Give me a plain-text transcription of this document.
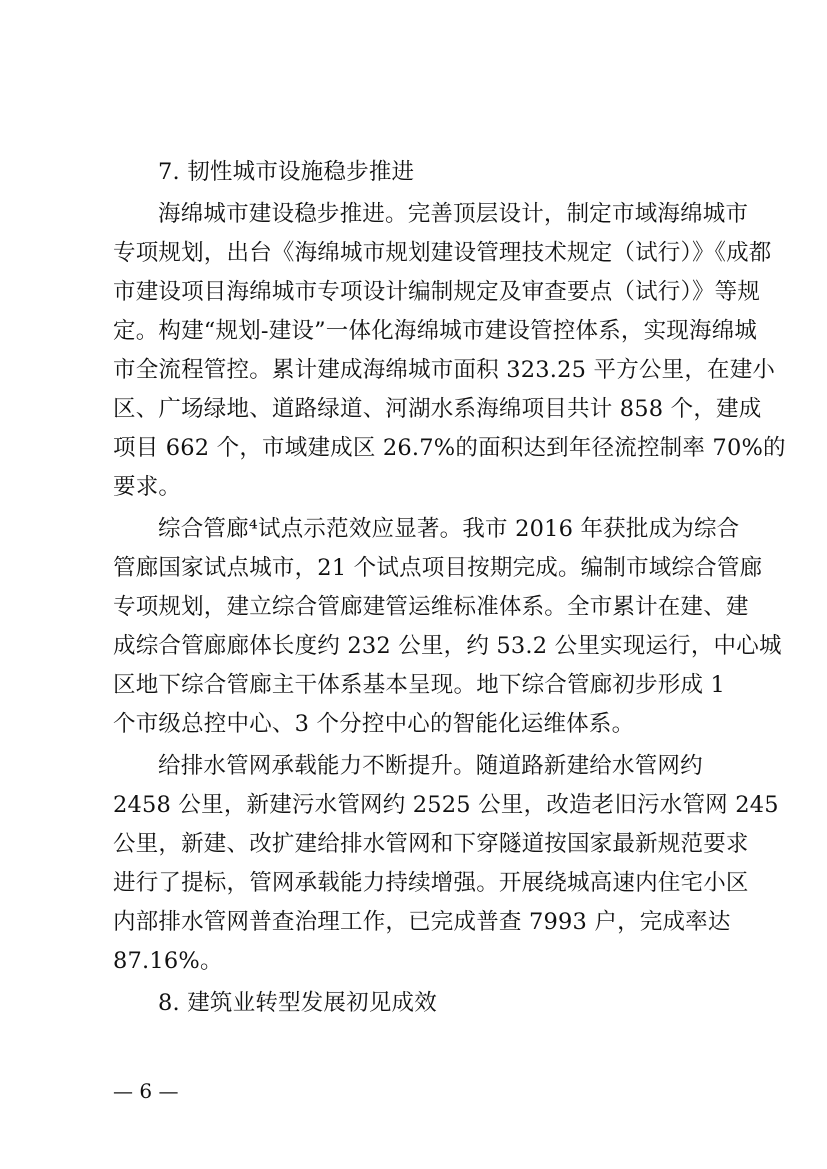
7. 韧性城市设施稳步推进
海绵城市建设稳步推进。完善顶层设计，制定市域海绵城市
专项规划，出台《海绵城市规划建设管理技术规定（试行）》《成都
市建设项目海绵城市专项设计编制规定及审查要点（试行）》等规
定。构建“规划-建设”一体化海绵城市建设管控体系，实现海绵城
市全流程管控。累计建成海绵城市面积 323.25 平方公里，在建小
区、广场绿地、道路绿道、河湖水系海绵项目共计 858 个，建成
项目 662 个，市域建成区 26.7%的面积达到年径流控制率 70%的
要求。
综合管廊⁴试点示范效应显著。我市 2016 年获批成为综合
管廊国家试点城市，21 个试点项目按期完成。编制市域综合管廊
专项规划，建立综合管廊建管运维标准体系。全市累计在建、建
成综合管廊廊体长度约 232 公里，约 53.2 公里实现运行，中心城
区地下综合管廊主干体系基本呈现。地下综合管廊初步形成 1
个市级总控中心、3 个分控中心的智能化运维体系。
给排水管网承载能力不断提升。随道路新建给水管网约
2458 公里，新建污水管网约 2525 公里，改造老旧污水管网 245
公里，新建、改扩建给排水管网和下穿隧道按国家最新规范要求
进行了提标，管网承载能力持续增强。开展绕城高速内住宅小区
内部排水管网普查治理工作，已完成普查 7993 户，完成率达
87.16%。
8. 建筑业转型发展初见成效
— 6 —
